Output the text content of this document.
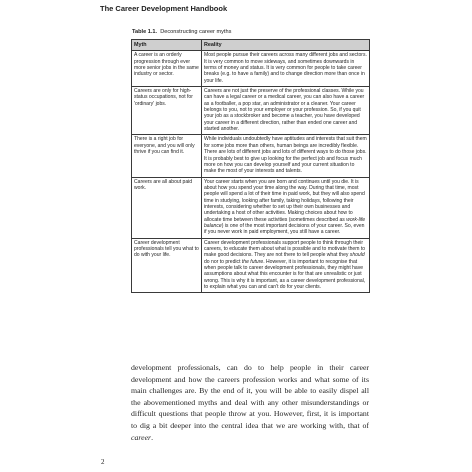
The Career Development Handbook
Table 1.1. Deconstructing career myths
Myth	Reality
A career is an orderly progression through ever more senior jobs in the same industry or sector.	Most people pursue their careers across many different jobs and sectors. It is very common to move sideways, and sometimes downwards in terms of money and status. It is very common for people to take career breaks (e.g. to have a family) and to change direction more than once in your life.
Careers are only for high-status occupations, not for 'ordinary' jobs.	Careers are not just the preserve of the professional classes. While you can have a legal career or a medical career, you can also have a career as a footballer, a pop star, an administrator or a cleaner. Your career belongs to you, not to your employer or your profession. So, if you quit your job as a stockbroker and become a teacher, you have developed your career in a different direction, rather than ended one career and started another.
There is a right job for everyone, and you will only thrive if you can find it.	While individuals undoubtedly have aptitudes and interests that suit them for some jobs more than others, human beings are incredibly flexible. There are lots of different jobs and lots of different ways to do those jobs. It is probably best to give up looking for the perfect job and focus much more on how you can develop yourself and your current situation to make the most of your interests and talents.
Careers are all about paid work.	Your career starts when you are born and continues until you die. It is about how you spend your time along the way. During that time, most people will spend a lot of their time in paid work, but they will also spend time in studying, looking after family, taking holidays, following their interests, considering whether to set up their own businesses and undertaking a host of other activities. Making choices about how to allocate time between these activities (sometimes described as work-life balance) is one of the most important decisions of your career. So, even if you never work in paid employment, you still have a career.
Career development professionals tell you what to do with your life.	Career development professionals support people to think through their careers, to educate them about what is possible and to motivate them to make good decisions. They are not there to tell people what they should do nor to predict the future. However, it is important to recognise that when people talk to career development professionals, they might have assumptions about what this encounter is for that are unrealistic or just wrong. This is why it is important, as a career development professional, to explain what you can and can't do for your clients.

development professionals, can do to help people in their career development and how the careers profession works and what some of its main challenges are. By the end of it, you will be able to easily dispel all the abovementioned myths and deal with any other misunderstandings or difficult questions that people throw at you. However, first, it is important to dig a bit deeper into the central idea that we are working with, that of career.

2
